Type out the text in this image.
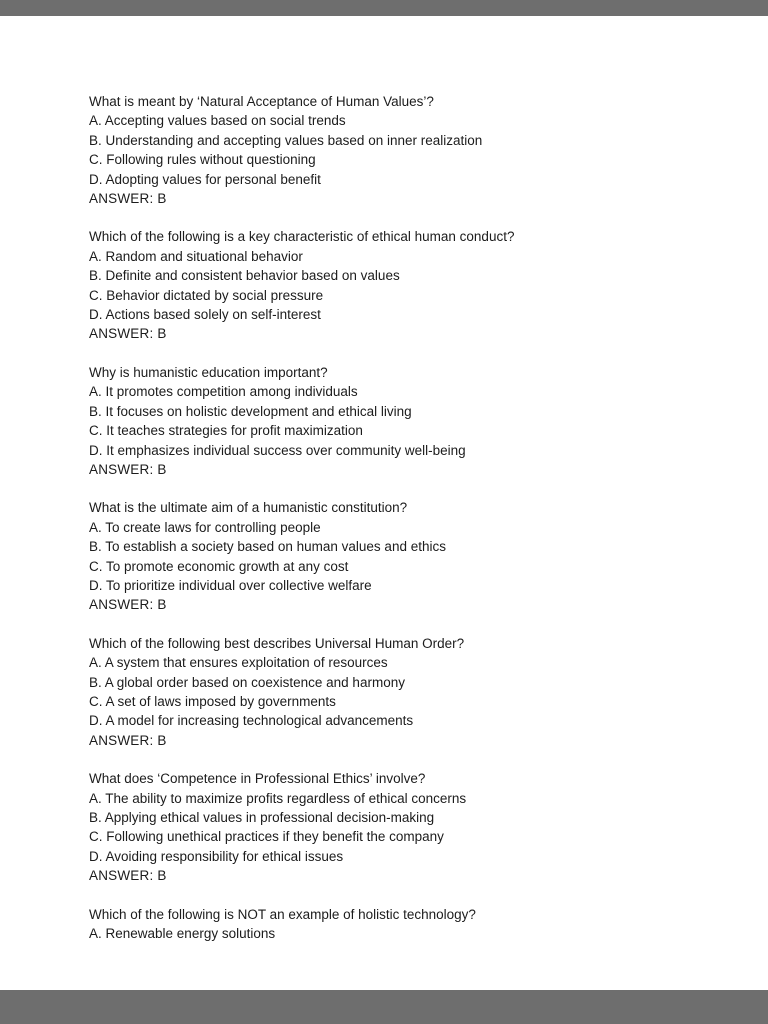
What is meant by ‘Natural Acceptance of Human Values’?

A. Accepting values based on social trends

B. Understanding and accepting values based on inner realization

C. Following rules without questioning

D. Adopting values for personal benefit

ANSWER: B

Which of the following is a key characteristic of ethical human conduct?

A. Random and situational behavior

B. Definite and consistent behavior based on values

C. Behavior dictated by social pressure

D. Actions based solely on self-interest

ANSWER: B

Why is humanistic education important?

A. It promotes competition among individuals

B. It focuses on holistic development and ethical living

C. It teaches strategies for profit maximization

D. It emphasizes individual success over community well-being

ANSWER: B

What is the ultimate aim of a humanistic constitution?

A. To create laws for controlling people

B. To establish a society based on human values and ethics

C. To promote economic growth at any cost

D. To prioritize individual over collective welfare

ANSWER: B

Which of the following best describes Universal Human Order?

A. A system that ensures exploitation of resources

B. A global order based on coexistence and harmony

C. A set of laws imposed by governments

D. A model for increasing technological advancements

ANSWER: B

What does ‘Competence in Professional Ethics’ involve?

A. The ability to maximize profits regardless of ethical concerns

B. Applying ethical values in professional decision-making

C. Following unethical practices if they benefit the company

D. Avoiding responsibility for ethical issues

ANSWER: B

Which of the following is NOT an example of holistic technology?

A. Renewable energy solutions
